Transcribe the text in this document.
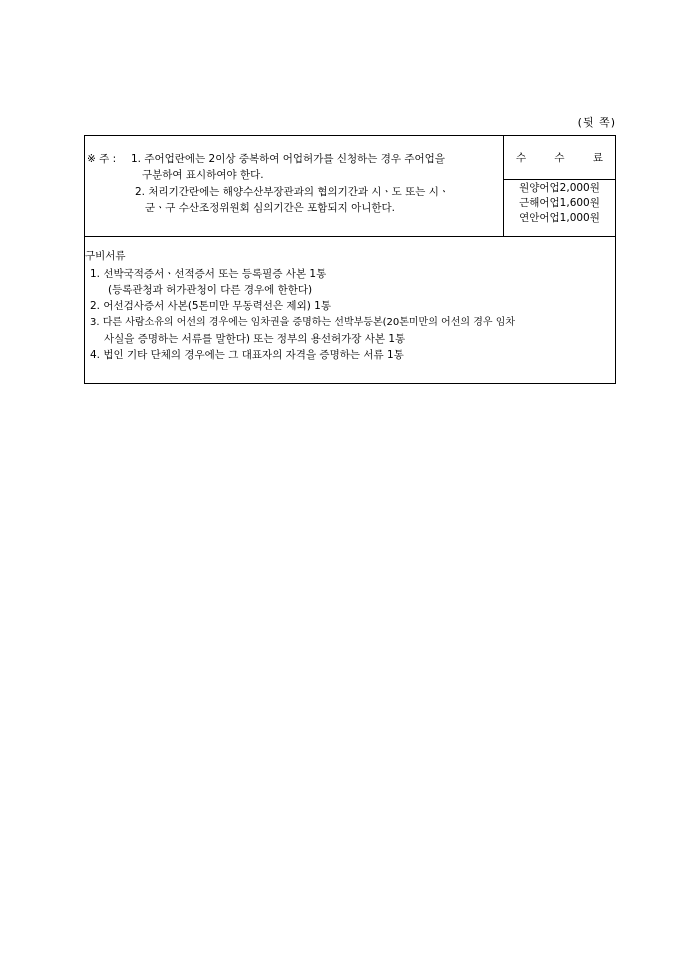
(뒷 쪽)
※ 주 : 1. 주어업란에는 2이상 중복하여 어업허가를 신청하는 경우 주어업을
구분하여 표시하여야 한다.
2. 처리기간란에는 해양수산부장관과의 협의기간과 시ㆍ도 또는 시ㆍ
군ㆍ구 수산조정위원회 심의기간은 포함되지 아니한다.
수	수	료
원양어업2,000원
근해어업1,600원
연안어업1,000원
구비서류
1. 선박국적증서ㆍ선적증서 또는 등록필증 사본 1통
(등록관청과 허가관청이 다른 경우에 한한다)
2. 어선검사증서 사본(5톤미만 무동력선은 제외) 1통
3. 다른 사람소유의 어선의 경우에는 임차권을 증명하는 선박부등본(20톤미만의 어선의 경우 임차
사실을 증명하는 서류를 말한다) 또는 정부의 용선허가장 사본 1통
4. 법인 기타 단체의 경우에는 그 대표자의 자격을 증명하는 서류 1통
